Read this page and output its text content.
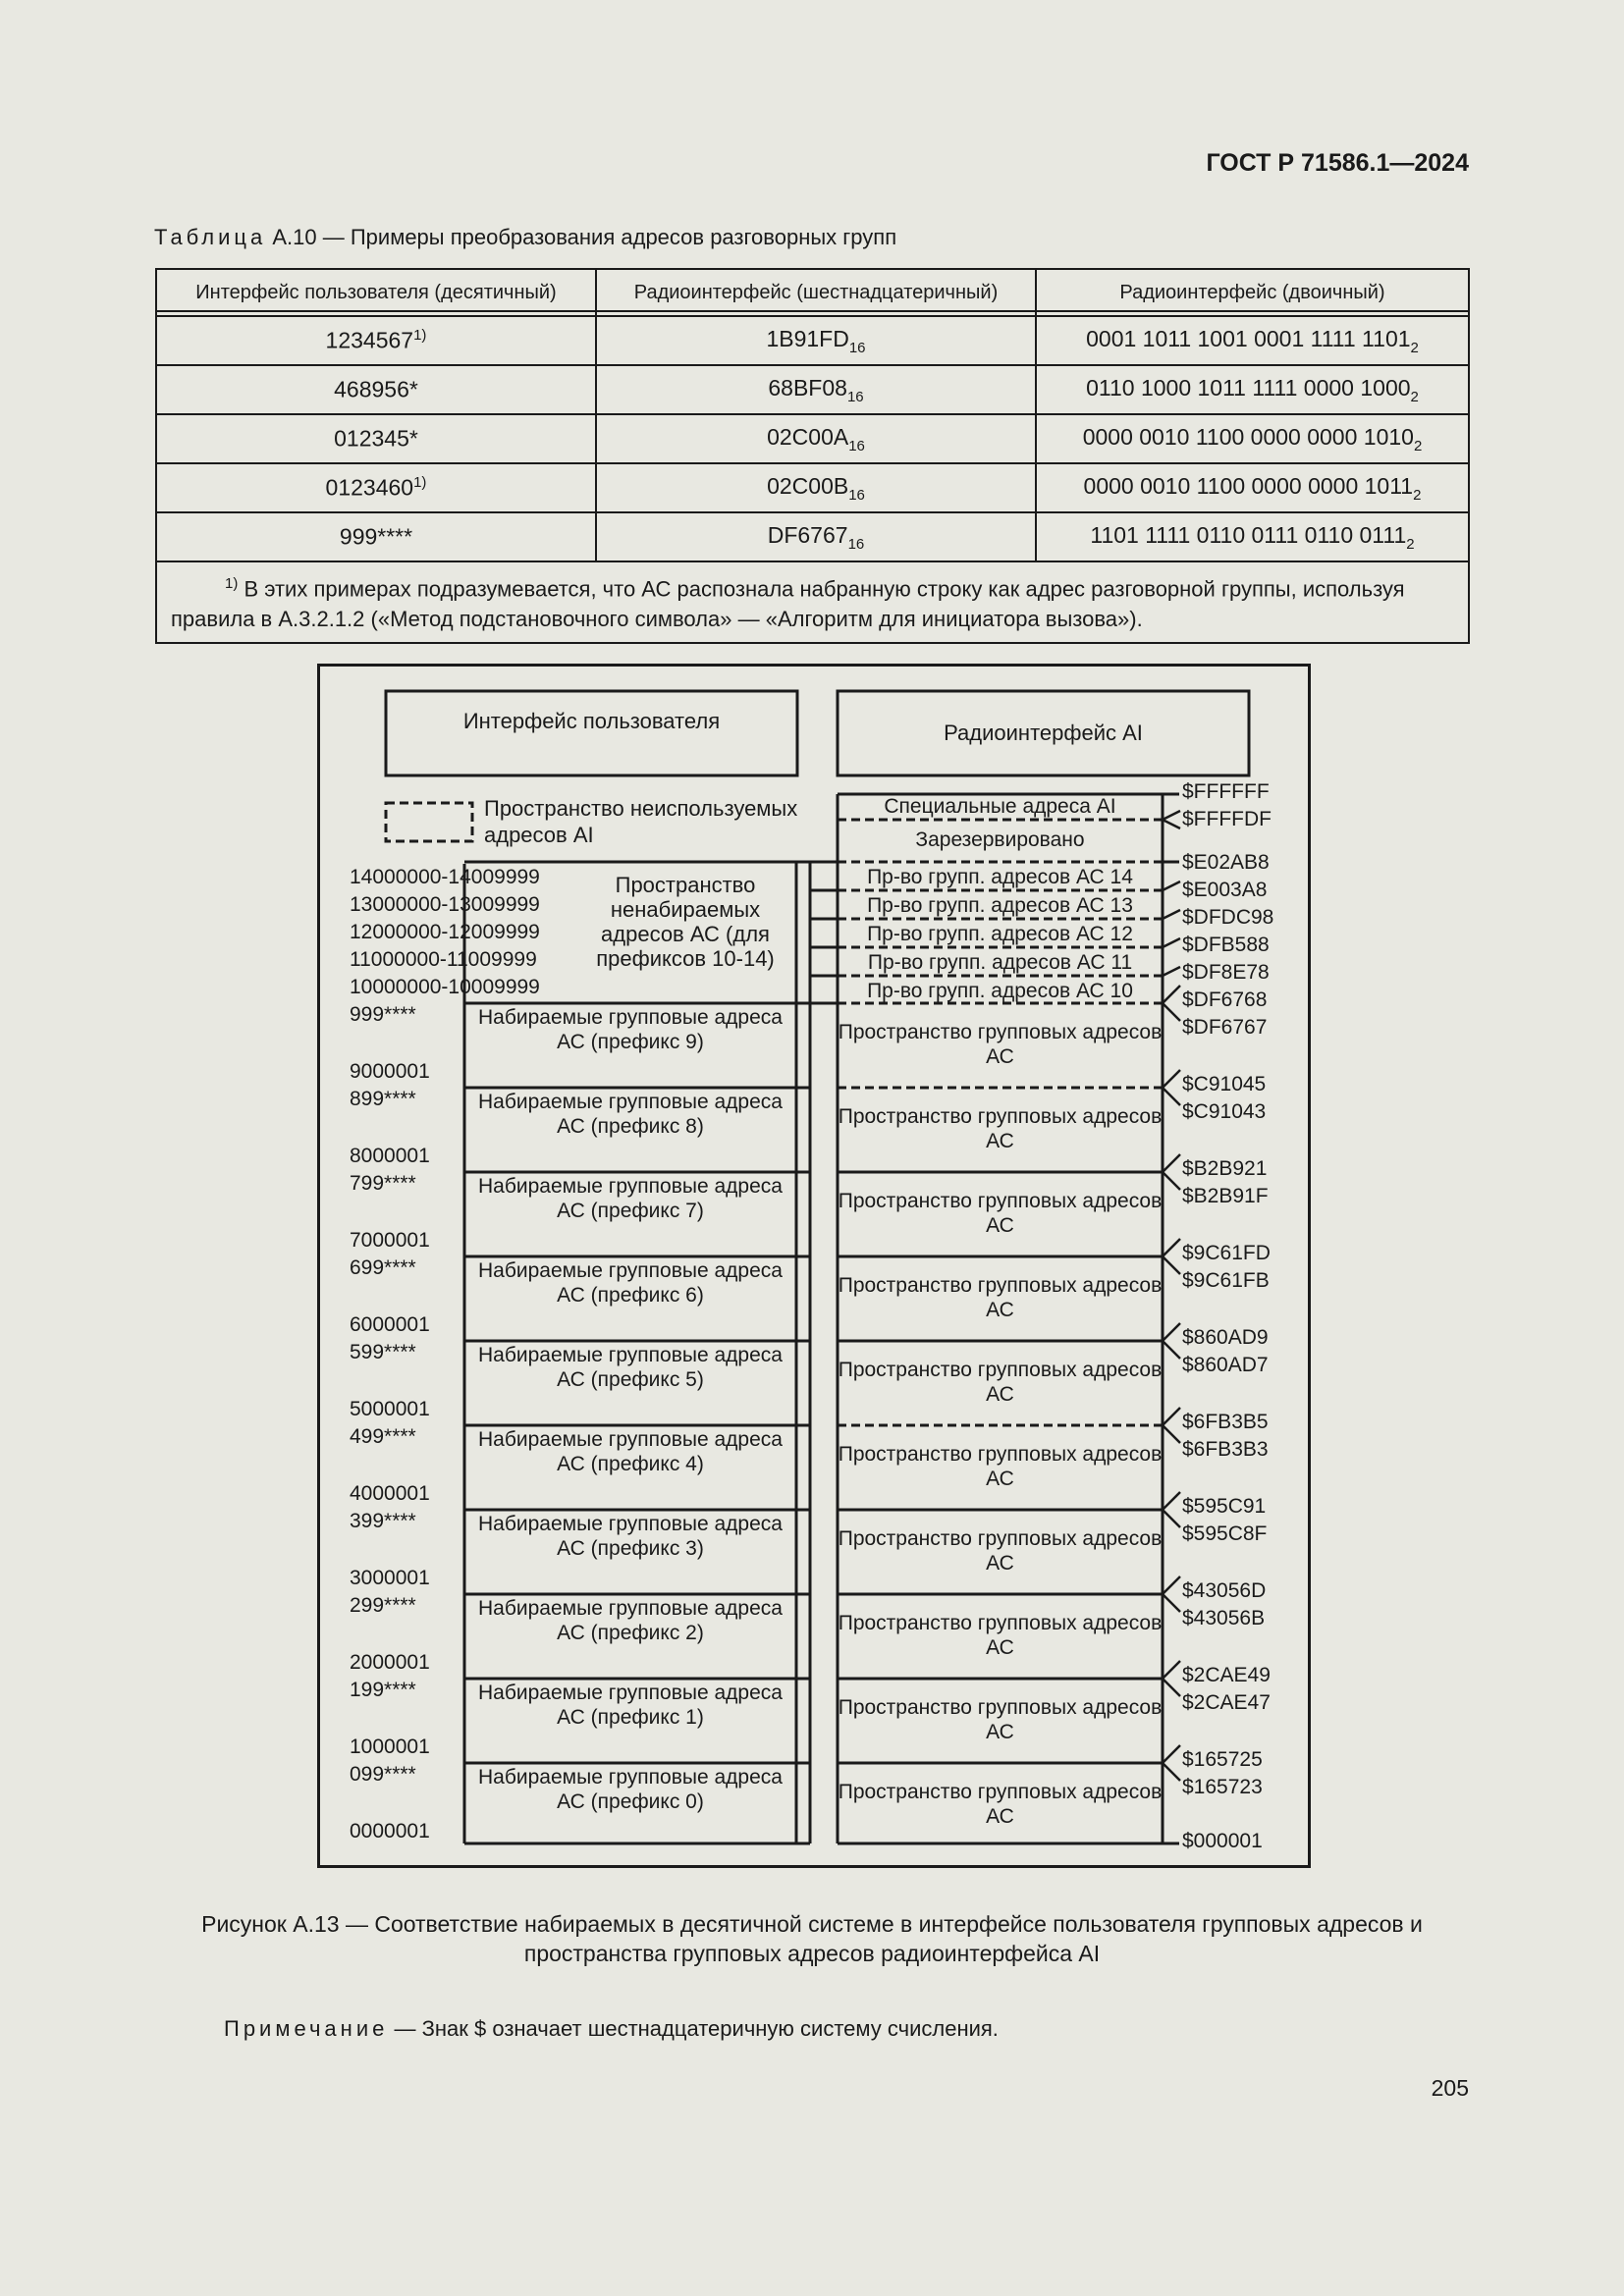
ГОСТ Р 71586.1—2024
Таблица А.10 — Примеры преобразования адресов разговорных групп
Интерфейс пользователя (десятичный)	Радиоинтерфейс (шестнадцатеричный)	Радиоинтерфейс (двоичный)
1234567$^{1)}$	$1B91FD_{16}$	0001 1011 1001 0001 1111 $1101_2$
468956*	$68BF08_{16}$	0110 1000 1011 1111 0000 $1000_2$
012345*	$02C00A_{16}$	0000 0010 1100 0000 0000 $1010_2$
0123460$^{1)}$	$02C00B_{16}$	0000 0010 1100 0000 0000 $1011_2$
999****	$DF6767_{16}$	1101 1111 0110 0111 0110 $0111_2$
$^{1)}$ В этих примерах подразумевается, что АС распознала набранную строку как адрес разговорной группы, используя правила в А.3.2.1.2 («Метод подстановочного символа» — «Алгоритм для инициатора вызова»).		
Интерфейс пользователя	Радиоинтерфейс AI
Пространство неиспользуемых адресов AI
Специальные адреса AI
Зарезервировано
Пр-во групп. адресов АС 14
Пр-во групп. адресов АС 13
Пр-во групп. адресов АС 12
Пр-во групп. адресов АС 11
Пр-во групп. адресов АС 10
Пространство ненабираемых адресов АС (для префиксов 10-14)
14000000-14009999
13000000-13009999
12000000-12009999
11000000-11009999
10000000-10009999
Набираемые групповые адреса АС (префикс 9)
Набираемые групповые адреса АС (префикс 8)
Набираемые групповые адреса АС (префикс 7)
Набираемые групповые адреса АС (префикс 6)
Набираемые групповые адреса АС (префикс 5)
Набираемые групповые адреса АС (префикс 4)
Набираемые групповые адреса АС (префикс 3)
Набираемые групповые адреса АС (префикс 2)
Набираемые групповые адреса АС (префикс 1)
Набираемые групповые адреса АС (префикс 0)
999****
9000001
899****
8000001
799****
7000001
699****
6000001
599****
5000001
499****
4000001
399****
3000001
299****
2000001
199****
1000001
099****
0000001
Пространство групповых адресов АС
Пространство групповых адресов АС
Пространство групповых адресов АС
Пространство групповых адресов АС
Пространство групповых адресов АС
Пространство групповых адресов АС
Пространство групповых адресов АС
Пространство групповых адресов АС
Пространство групповых адресов АС
Пространство групповых адресов АС
$FFFFFF
$FFFFDF
$E02AB8
$E003A8
$DFDC98
$DFB588
$DF8E78
$DF6768
$DF6767
$C91045
$C91043
$B2B921
$B2B91F
$9C61FD
$9C61FB
$860AD9
$860AD7
$6FB3B5
$6FB3B3
$595C91
$595C8F
$43056D
$43056B
$2CAE49
$2CAE47
$165725
$165723
$000001
Рисунок А.13 — Соответствие набираемых в десятичной системе в интерфейсе пользователя групповых адресов и пространства групповых адресов радиоинтерфейса AI
Примечание — Знак $ означает шестнадцатеричную систему счисления.
205
